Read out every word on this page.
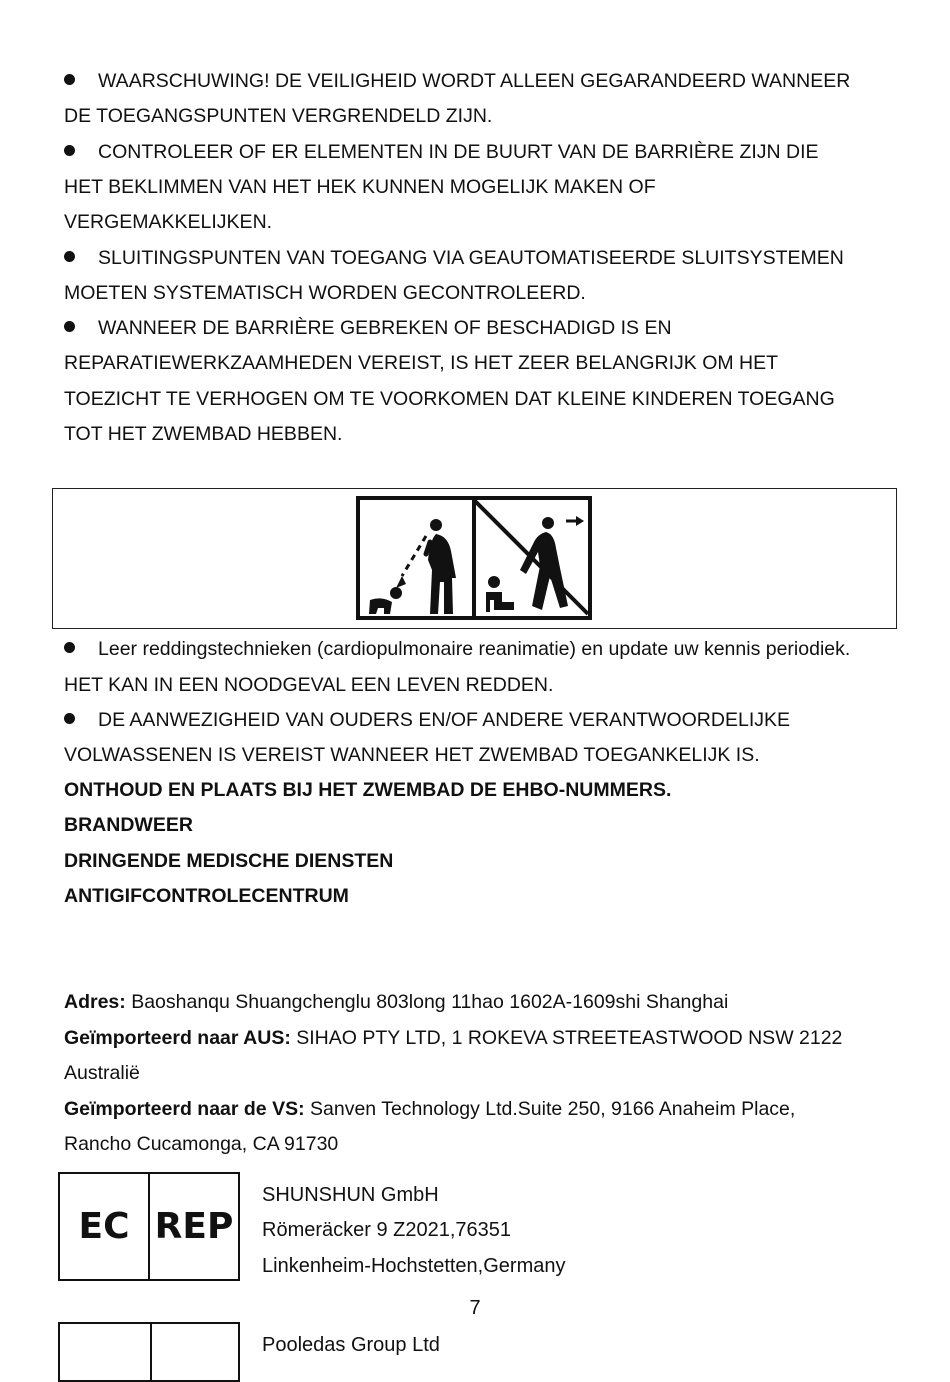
WAARSCHUWING! DE VEILIGHEID WORDT ALLEEN GEGARANDEERD WANNEER
DE TOEGANGSPUNTEN VERGRENDELD ZIJN.
CONTROLEER OF ER ELEMENTEN IN DE BUURT VAN DE BARRIÈRE ZIJN DIE
HET BEKLIMMEN VAN HET HEK KUNNEN MOGELIJK MAKEN OF
VERGEMAKKELIJKEN.
SLUITINGSPUNTEN VAN TOEGANG VIA GEAUTOMATISEERDE SLUITSYSTEMEN
MOETEN SYSTEMATISCH WORDEN GECONTROLEERD.
WANNEER DE BARRIÈRE GEBREKEN OF BESCHADIGD IS EN
REPARATIEWERKZAAMHEDEN VEREIST, IS HET ZEER BELANGRIJK OM HET
TOEZICHT TE VERHOGEN OM TE VOORKOMEN DAT KLEINE KINDEREN TOEGANG
TOT HET ZWEMBAD HEBBEN.
Leer reddingstechnieken (cardiopulmonaire reanimatie) en update uw kennis periodiek.
HET KAN IN EEN NOODGEVAL EEN LEVEN REDDEN.
DE AANWEZIGHEID VAN OUDERS EN/OF ANDERE VERANTWOORDELIJKE
VOLWASSENEN IS VEREIST WANNEER HET ZWEMBAD TOEGANKELIJK IS.
ONTHOUD EN PLAATS BIJ HET ZWEMBAD DE EHBO-NUMMERS.
BRANDWEER
DRINGENDE MEDISCHE DIENSTEN
ANTIGIFCONTROLECENTRUM
Adres: Baoshanqu Shuangchenglu 803long 11hao 1602A-1609shi Shanghai
Geïmporteerd naar AUS: SIHAO PTY LTD, 1 ROKEVA STREETEASTWOOD NSW 2122
Australië
Geïmporteerd naar de VS: Sanven Technology Ltd.Suite 250, 9166 Anaheim Place,
Rancho Cucamonga, CA 91730
EC REP
SHUNSHUN GmbH
Römeräcker 9 Z2021,76351
Linkenheim-Hochstetten,Germany
7
Pooledas Group Ltd
